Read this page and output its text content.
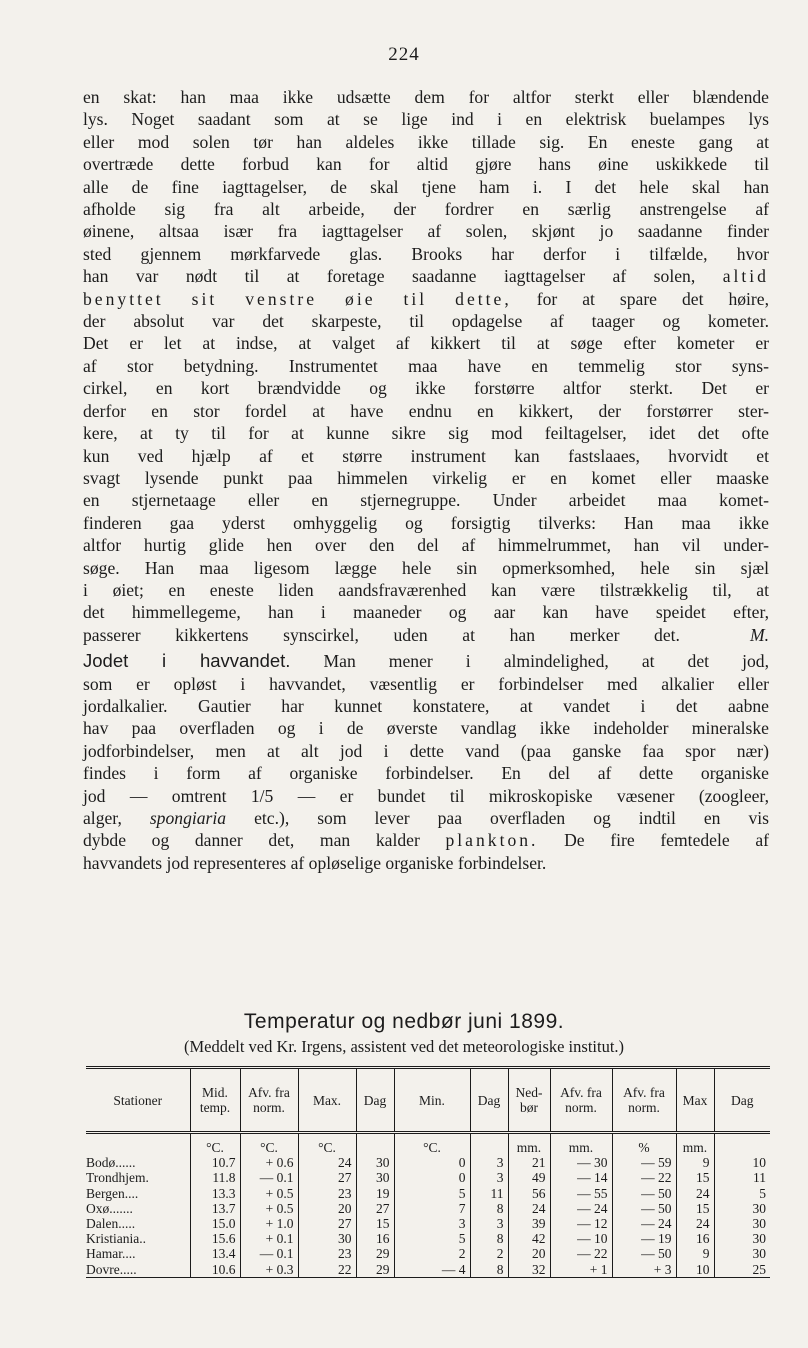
224
en skat: han maa ikke udsætte dem for altfor sterkt eller blændende
lys. Noget saadant som at se lige ind i en elektrisk buelampes lys
eller mod solen tør han aldeles ikke tillade sig. En eneste gang at
overtræde dette forbud kan for altid gjøre hans øine uskikkede til
alle de fine iagttagelser, de skal tjene ham i. I det hele skal han
afholde sig fra alt arbeide, der fordrer en særlig anstrengelse af
øinene, altsaa især fra iagttagelser af solen, skjønt jo saadanne finder
sted gjennem mørkfarvede glas. Brooks har derfor i tilfælde, hvor
han var nødt til at foretage saadanne iagttagelser af solen, altid
benyttet sit venstre øie til dette, for at spare det høire,
der absolut var det skarpeste, til opdagelse af taager og kometer.
Det er let at indse, at valget af kikkert til at søge efter kometer er
af stor betydning. Instrumentet maa have en temmelig stor syns-
cirkel, en kort brændvidde og ikke forstørre altfor sterkt. Det er
derfor en stor fordel at have endnu en kikkert, der forstørrer ster-
kere, at ty til for at kunne sikre sig mod feiltagelser, idet det ofte
kun ved hjælp af et større instrument kan fastslaaes, hvorvidt et
svagt lysende punkt paa himmelen virkelig er en komet eller maaske
en stjernetaage eller en stjernegruppe. Under arbeidet maa komet-
finderen gaa yderst omhyggelig og forsigtig tilverks: Han maa ikke
altfor hurtig glide hen over den del af himmelrummet, han vil under-
søge. Han maa ligesom lægge hele sin opmerksomhed, hele sin sjæl
i øiet; en eneste liden aandsfraværenhed kan være tilstrækkelig til, at
det himmellegeme, han i maaneder og aar kan have speidet efter,
passerer kikkertens synscirkel, uden at han merker det.	M.
Jodet i havvandet. Man mener i almindelighed, at det jod,
som er opløst i havvandet, væsentlig er forbindelser med alkalier eller
jordalkalier. Gautier har kunnet konstatere, at vandet i det aabne
hav paa overfladen og i de øverste vandlag ikke indeholder mineralske
jodforbindelser, men at alt jod i dette vand (paa ganske faa spor nær)
findes i form af organiske forbindelser. En del af dette organiske
jod — omtrent 1/5 — er bundet til mikroskopiske væsener (zoogleer,
alger, spongiaria etc.), som lever paa overfladen og indtil en vis
dybde og danner det, man kalder plankton. De fire femtedele af
havvandets jod representeres af opløselige organiske forbindelser.
Temperatur og nedbør juni 1899.
(Meddelt ved Kr. Irgens, assistent ved det meteorologiske institut.)
Stationer	Mid. temp.	Afv. fra norm.	Max.	Dag	Min.	Dag	Ned-bør	Afv. fra norm.	Afv. fra norm.	Max	Dag
	°C.	°C.	°C.		°C.		mm.	mm.	%	mm.	
Bodø......	10.7	+ 0.6	24	30	0	3	21	— 30	— 59	9	10
Trondhjem.	11.8	— 0.1	27	30	0	3	49	— 14	— 22	15	11
Bergen....	13.3	+ 0.5	23	19	5	11	56	— 55	— 50	24	5
Oxø.......	13.7	+ 0.5	20	27	7	8	24	— 24	— 50	15	30
Dalen.....	15.0	+ 1.0	27	15	3	3	39	— 12	— 24	24	30
Kristiania..	15.6	+ 0.1	30	16	5	8	42	— 10	— 19	16	30
Hamar....	13.4	— 0.1	23	29	2	2	20	— 22	— 50	9	30
Dovre.....	10.6	+ 0.3	22	29	— 4	8	32	+ 1	+ 3	10	25
